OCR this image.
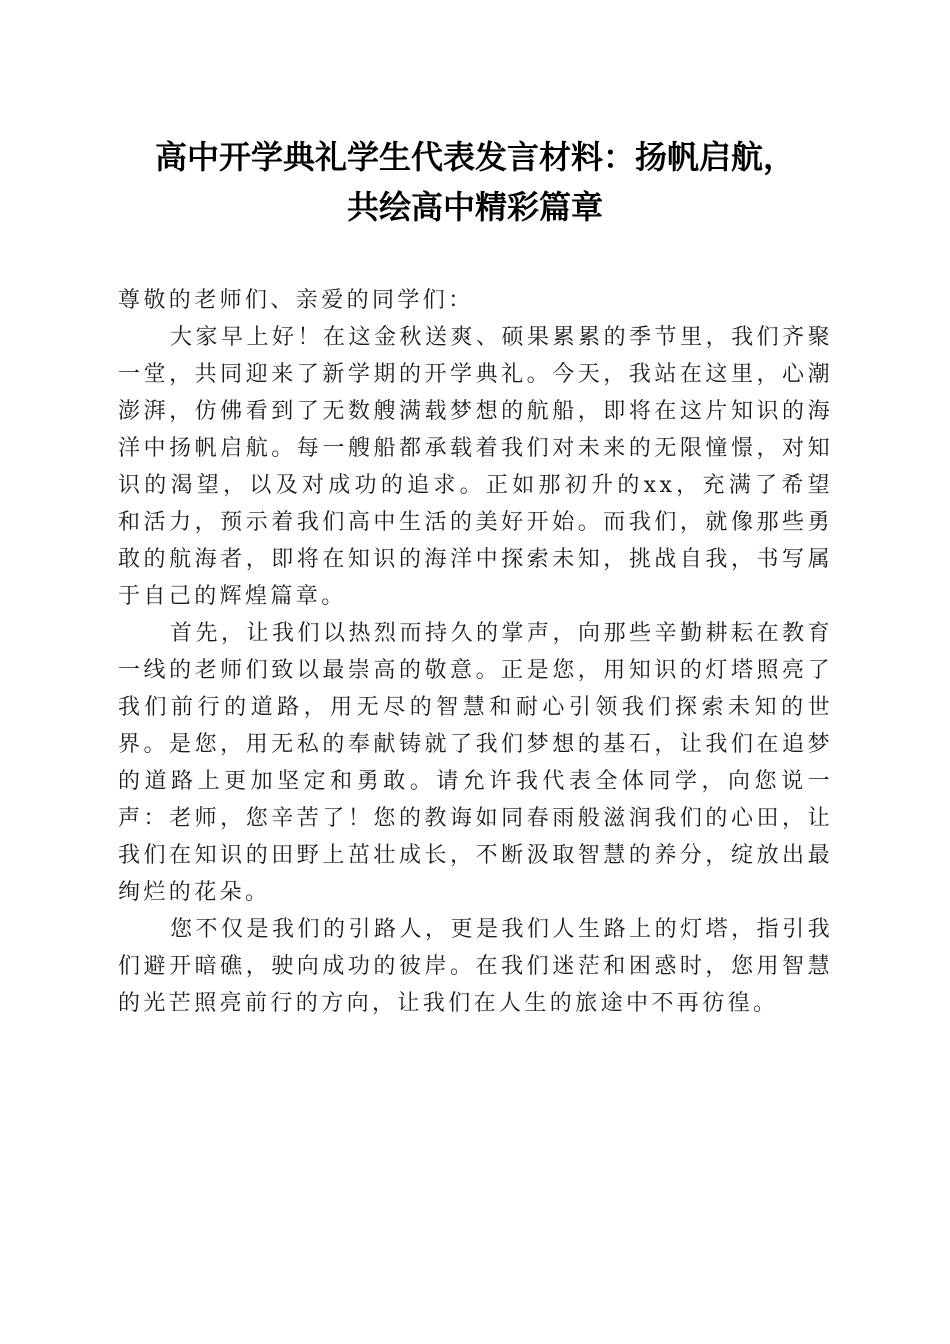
高中开学典礼学生代表发言材料：扬帆启航，
共绘高中精彩篇章

尊敬的老师们、亲爱的同学们：

大家早上好！在这金秋送爽、硕果累累的季节里，我们齐聚一堂，共同迎来了新学期的开学典礼。今天，我站在这里，心潮澎湃，仿佛看到了无数艘满载梦想的航船，即将在这片知识的海洋中扬帆启航。每一艘船都承载着我们对未来的无限憧憬，对知识的渴望，以及对成功的追求。正如那初升的xx，充满了希望和活力，预示着我们高中生活的美好开始。而我们，就像那些勇敢的航海者，即将在知识的海洋中探索未知，挑战自我，书写属于自己的辉煌篇章。

首先，让我们以热烈而持久的掌声，向那些辛勤耕耘在教育一线的老师们致以最崇高的敬意。正是您，用知识的灯塔照亮了我们前行的道路，用无尽的智慧和耐心引领我们探索未知的世界。是您，用无私的奉献铸就了我们梦想的基石，让我们在追梦的道路上更加坚定和勇敢。请允许我代表全体同学，向您说一声：老师，您辛苦了！您的教诲如同春雨般滋润我们的心田，让我们在知识的田野上茁壮成长，不断汲取智慧的养分，绽放出最绚烂的花朵。

您不仅是我们的引路人，更是我们人生路上的灯塔，指引我们避开暗礁，驶向成功的彼岸。在我们迷茫和困惑时，您用智慧的光芒照亮前行的方向，让我们在人生的旅途中不再彷徨。
